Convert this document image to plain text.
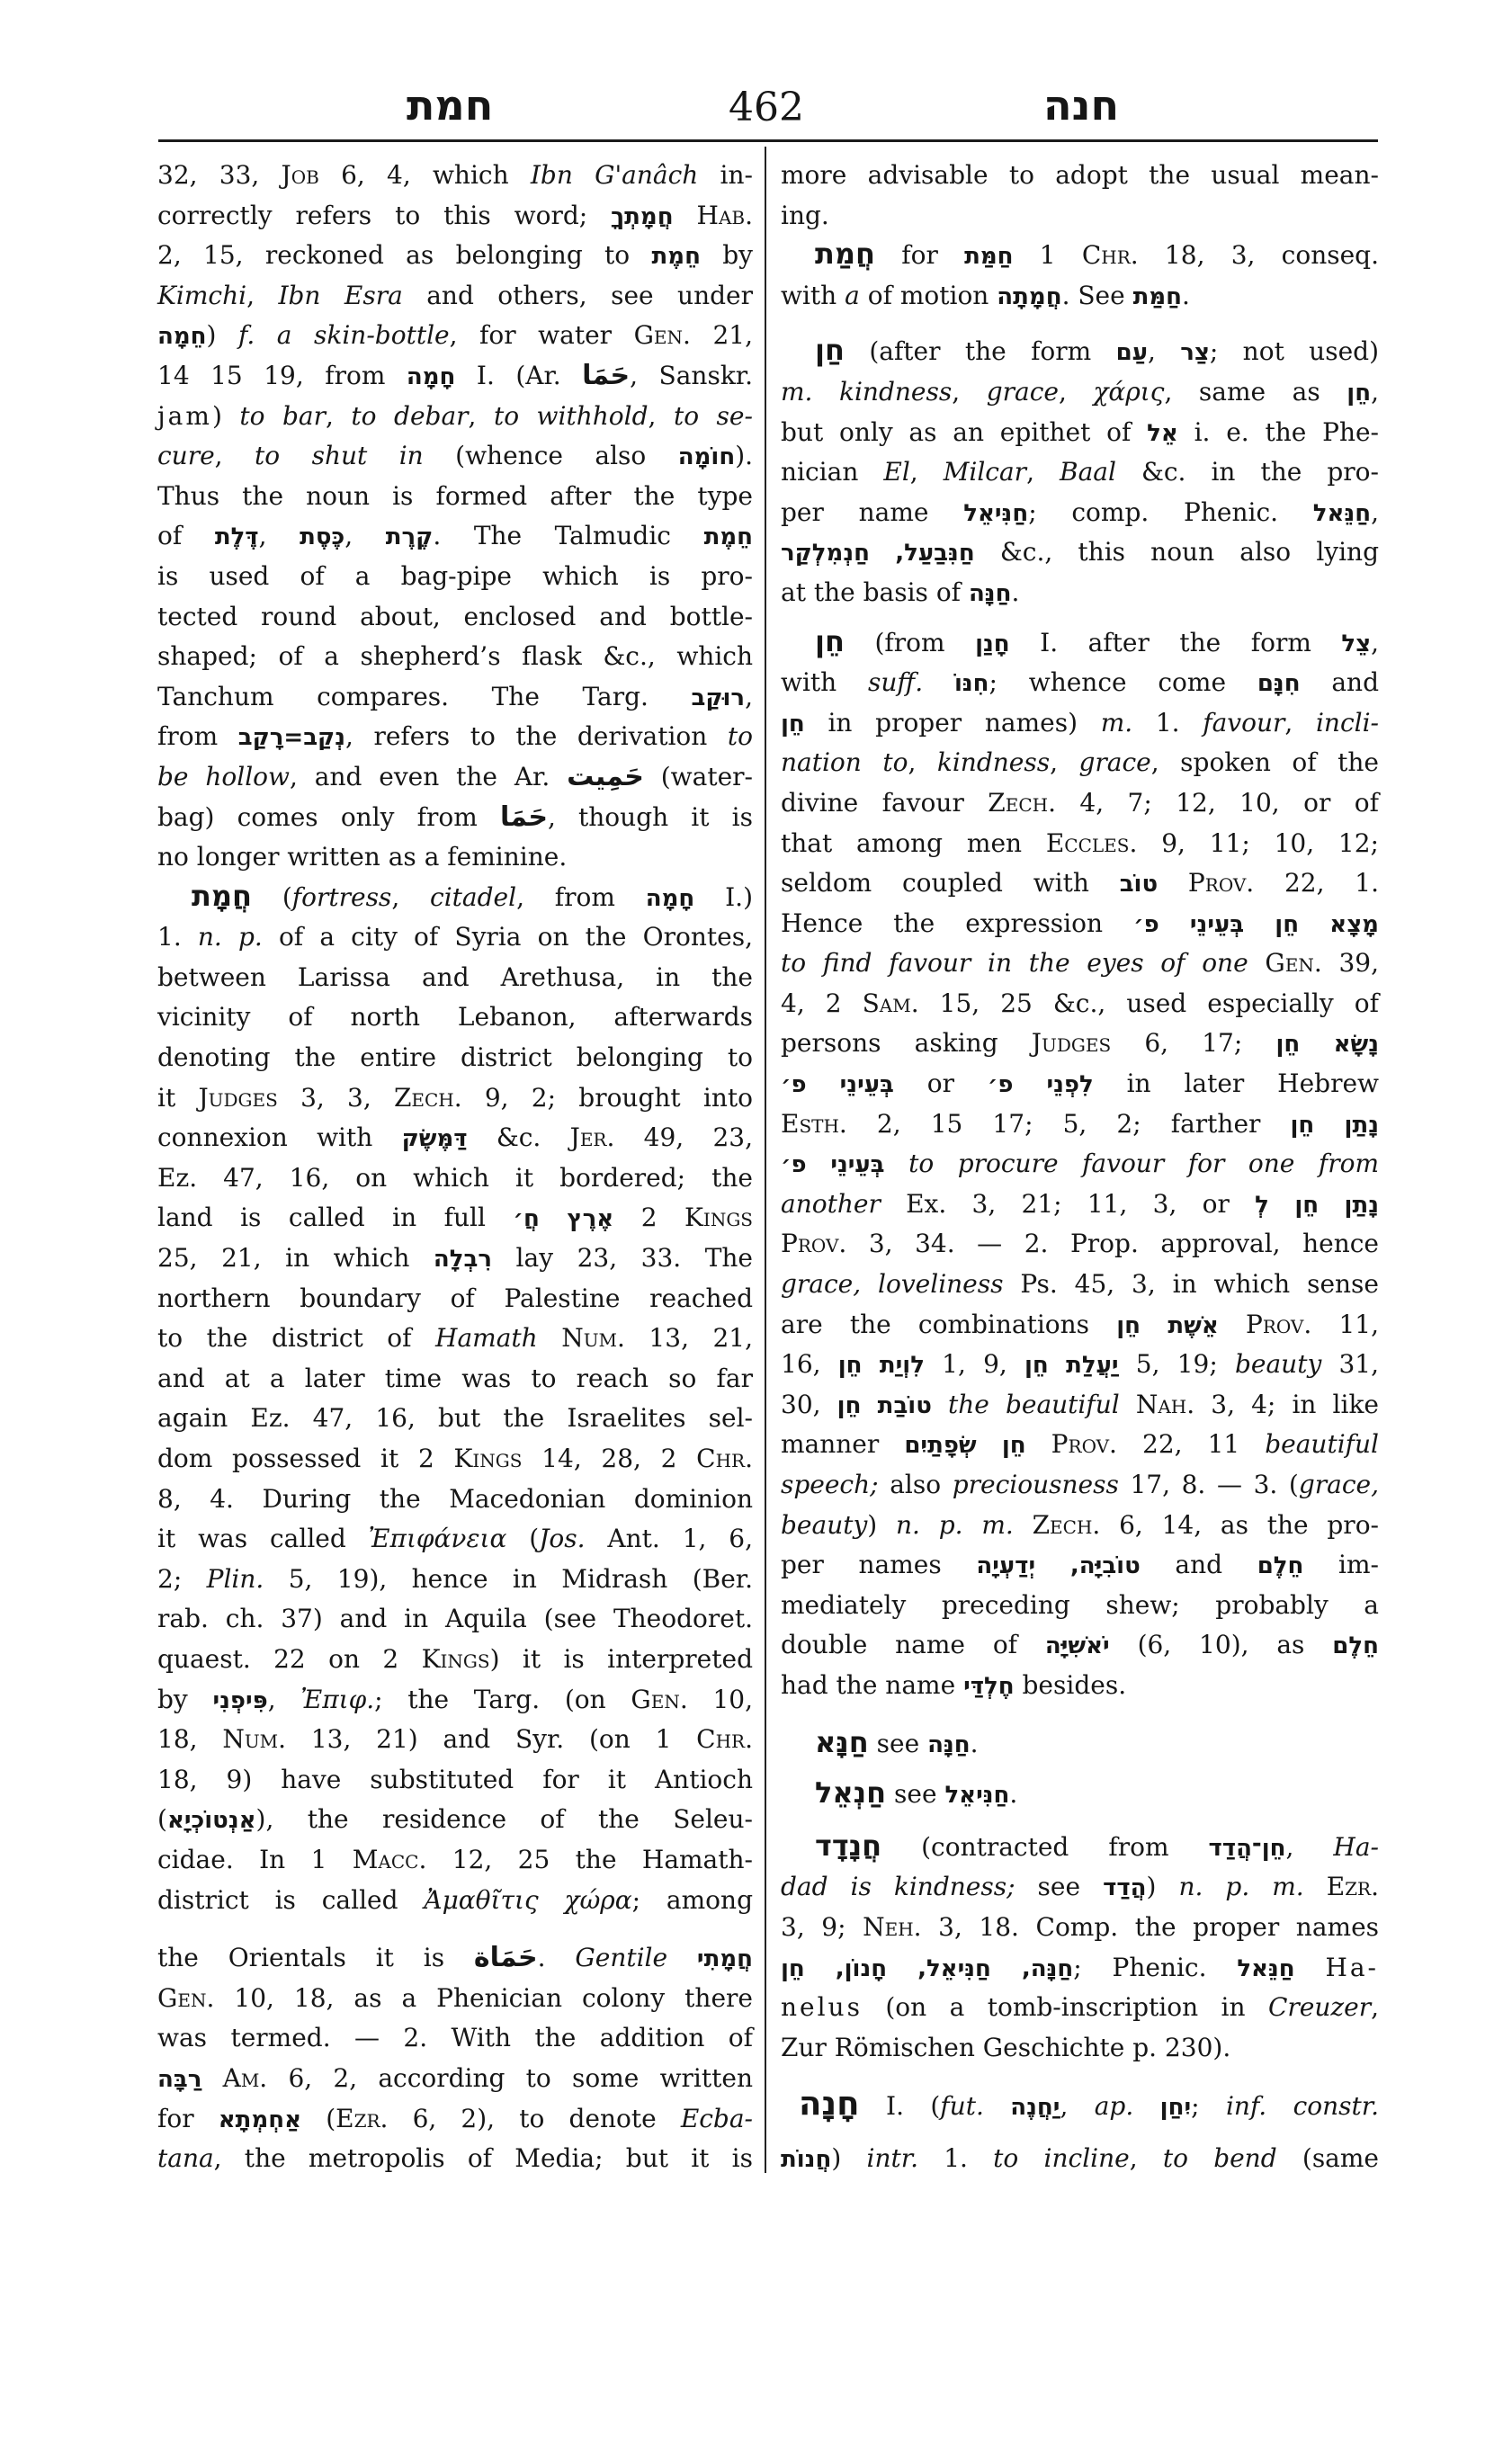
חמת	462	חנה
32, 33, Job 6, 4, which Ibn G'anâch in-
correctly refers to this word; חֲמָתְךָ Hab.
2, 15, reckoned as belonging to חֵמֶת by
Kimchi, Ibn Esra and others, see under
חֵמָה) f. a skin-bottle, for water Gen. 21,
14 15 19, from חָמָה I. (Ar. حَمَا, Sanskr.
jam) to bar, to debar, to withhold, to se-
cure, to shut in (whence also חוֹמָה).
Thus the noun is formed after the type
of דֶּלֶת, כֶּסֶת, קֶרֶת. The Talmudic חֵמֶת
is used of a bag-pipe which is pro-
tected round about, enclosed and bottle-
shaped; of a shepherd’s flask &c., which
Tanchum compares. The Targ. רוּקַב,
from נְקַב=רָקַב, refers to the derivation to
be hollow, and even the Ar. حَمِيت (water-
bag) comes only from حَمَا, though it is
no longer written as a feminine.
חֲמָת (fortress, citadel, from חָמָה I.)
1. n. p. of a city of Syria on the Orontes,
between Larissa and Arethusa, in the
vicinity of north Lebanon, afterwards
denoting the entire district belonging to
it Judges 3, 3, Zech. 9, 2; brought into
connexion with דַּמֶּשֶׂק &c. Jer. 49, 23,
Ez. 47, 16, on which it bordered; the
land is called in full אֶרֶץ חֲ׳ 2 Kings
25, 21, in which רִבְלָה lay 23, 33. The
northern boundary of Palestine reached
to the district of Hamath Num. 13, 21,
and at a later time was to reach so far
again Ez. 47, 16, but the Israelites sel-
dom possessed it 2 Kings 14, 28, 2 Chr.
8, 4. During the Macedonian dominion
it was called Ἐπιφάνεια (Jos. Ant. 1, 6,
2; Plin. 5, 19), hence in Midrash (Ber.
rab. ch. 37) and in Aquila (see Theodoret.
quaest. 22 on 2 Kings) it is interpreted
by פִּיפְנִי, Ἐπιφ.; the Targ. (on Gen. 10,
18, Num. 13, 21) and Syr. (on 1 Chr.
18, 9) have substituted for it Antioch
(אַנְטוֹכְיָא), the residence of the Seleu-
cidae. In 1 Macc. 12, 25 the Hamath-
district is called Ἀμαθῖτις χώρα; among
the Orientals it is حَمَاة. Gentile חֲמָתִי
Gen. 10, 18, as a Phenician colony there
was termed. — 2. With the addition of
רַבָּה Am. 6, 2, according to some written
for אַחְמְתָא (Ezr. 6, 2), to denote Ecba-
tana, the metropolis of Media; but it is
more advisable to adopt the usual mean-
ing.
חֲמַת for חַמַּת 1 Chr. 18, 3, conseq.
with a of motion חֲמָתָה. See חַמַּת.
חַן (after the form עַם, צַר; not used)
m. kindness, grace, χάρις, same as חֵן,
but only as an epithet of אֵל i. e. the Phe-
nician El, Milcar, Baal &c. in the pro-
per name חַנִּיאֵל; comp. Phenic. חַנֵּאל,
חַנִּבַעַל, חַנְמִלְקַר &c., this noun also lying
at the basis of חַנָּה.
חֵן (from חָנַן I. after the form צֵל,
with suff. חִנּוֹ; whence come חִנָּם and
חֵן in proper names) m. 1. favour, incli-
nation to, kindness, grace, spoken of the
divine favour Zech. 4, 7; 12, 10, or of
that among men Eccles. 9, 11; 10, 12;
seldom coupled with טוֹב Prov. 22, 1.
Hence the expression מָצָא חֵן בְּעֵינֵי פ׳
to find favour in the eyes of one Gen. 39,
4, 2 Sam. 15, 25 &c., used especially of
persons asking Judges 6, 17; נָשָׂא חֵן
בְּעֵינֵי פ׳ or לִפְנֵי פ׳ in later Hebrew
Esth. 2, 15 17; 5, 2; farther נָתַן חֵן
בְּעֵינֵי פ׳ to procure favour for one from
another Ex. 3, 21; 11, 3, or נָתַן חֵן לְ
Prov. 3, 34. — 2. Prop. approval, hence
grace, loveliness Ps. 45, 3, in which sense
are the combinations אֵשֶׁת חֵן Prov. 11,
16, לִוְיַת חֵן 1, 9, יַעֲלַת חֵן 5, 19; beauty 31,
30, טוֹבַת חֵן the beautiful Nah. 3, 4; in like
manner חֵן שְׂפָתַיִם Prov. 22, 11 beautiful
speech; also preciousness 17, 8. — 3. (grace,
beauty) n. p. m. Zech. 6, 14, as the pro-
per names טוֹבִיָּה, יְדַעְיָה and חֵלֶם im-
mediately preceding shew; probably a
double name of יֹאשִׁיָּה (6, 10), as חֵלֶם
had the name חֶלְדַּי besides.
חַנָּא see חַנָּה.
חַנְאֵל see חַנִּיאֵל.
חֲנָדָד (contracted from חֵן־הֲדַד, Ha-
dad is kindness; see הֲדַד) n. p. m. Ezr.
3, 9; Neh. 3, 18. Comp. the proper names
חַנָּה, חַנִּיאֵל, חָנוֹן, חֵן; Phenic. חַנֵּאל Ha-
nelus (on a tomb-inscription in Creuzer,
Zur Römischen Geschichte p. 230).
חָנָה I. (fut. יַחֲנֶה, ap. יִחַן; inf. constr.
חֲנוֹת) intr. 1. to incline, to bend (same
